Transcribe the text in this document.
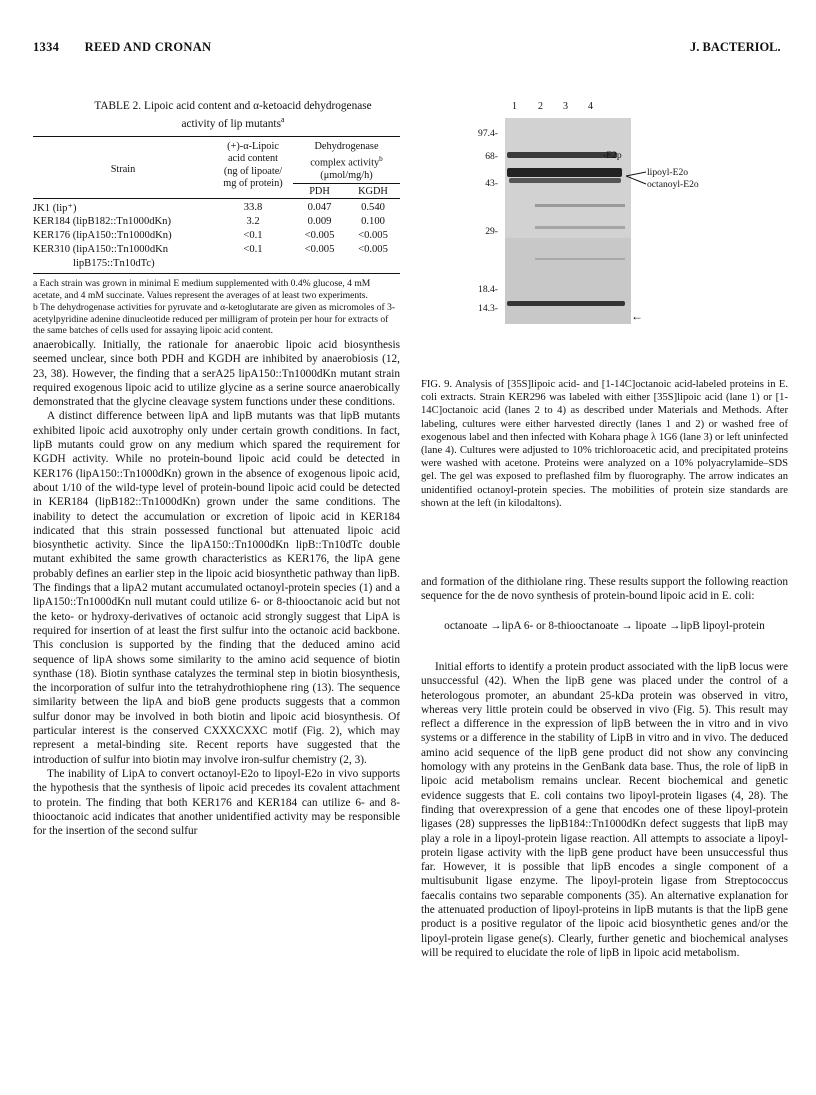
1334 REED AND CRONAN	J. BACTERIOL.
TABLE 2. Lipoic acid content and α-ketoacid dehydrogenase
activity of lip mutants$^a$
Strain
(+)-α-Lipoic
acid content
(ng of lipoate/
mg of protein)
Dehydrogenase
complex activity$^b$
(μmol/mg/h)
PDH	KGDH
JK1 (lip⁺)	33.8	0.047	0.540
KER184 (lipB182::Tn1000dKn)	3.2	0.009	0.100
KER176 (lipA150::Tn1000dKn)	<0.1	<0.005	<0.005
KER310 (lipA150::Tn1000dKn	<0.1	<0.005	<0.005
lipB175::Tn10dTc)
a Each strain was grown in minimal E medium supplemented with 0.4% glucose, 4 mM acetate, and 4 mM succinate. Values represent the averages of at least two experiments.
b The dehydrogenase activities for pyruvate and α-ketoglutarate are given as micromoles of 3-acetylpyridine adenine dinucleotide reduced per milligram of protein per hour for extracts of the same batches of cells used for assaying lipoic acid content.

anaerobically. Initially, the rationale for anaerobic lipoic acid biosynthesis seemed unclear, since both PDH and KGDH are inhibited by anaerobiosis (12, 23, 38). However, the finding that a serA25 lipA150::Tn1000dKn mutant strain required exogenous lipoic acid to utilize glycine as a serine source anaerobically demonstrated that the glycine cleavage system functions under these conditions.

A distinct difference between lipA and lipB mutants was that lipB mutants exhibited lipoic acid auxotrophy only under certain growth conditions. In fact, lipB mutants could grow on any medium which spared the requirement for KGDH activity. While no protein-bound lipoic acid could be detected in KER176 (lipA150::Tn1000dKn) grown in the absence of exogenous lipoic acid, about 1/10 of the wild-type level of protein-bound lipoic acid could be detected in KER184 (lipB182::Tn1000dKn) grown under the same conditions. The inability to detect the accumulation or excretion of lipoic acid in KER184 indicated that this strain possessed functional but attenuated lipoic acid biosynthetic activity. Since the lipA150::Tn1000dKn lipB::Tn10dTc double mutant exhibited the same growth characteristics as KER176, the lipA gene probably defines an earlier step in the lipoic acid biosynthetic pathway than lipB. The findings that a lipA2 mutant accumulated octanoyl-protein species (1) and a lipA150::Tn1000dKn null mutant could utilize 6- or 8-thiooctanoic acid but not the keto- or hydroxy-derivatives of octanoic acid strongly suggest that LipA is required for insertion of at least the first sulfur into the octanoic acid backbone. This conclusion is supported by the finding that the deduced amino acid sequence of lipA shows some similarity to the amino acid sequence of biotin synthase (18). Biotin synthase catalyzes the terminal step in biotin biosynthesis, the incorporation of sulfur into the tetrahydrothiophene ring (13). The sequence similarity between the lipA and bioB gene products suggests that a common sulfur donor may be involved in both biotin and lipoic acid biosynthesis. Of particular interest is the conserved CXXXCXXC motif (Fig. 2), which may represent a metal-binding site. Recent reports have suggested that the introduction of sulfur into biotin may involve iron-sulfur chemistry (2, 3).

The inability of LipA to convert octanoyl-E2o to lipoyl-E2o in vivo supports the hypothesis that the synthesis of lipoic acid precedes its covalent attachment to protein. The finding that both KER176 and KER184 can utilize 6- and 8-thiooctanoic acid indicates that another unidentified activity may be responsible for the insertion of the second sulfur

1 2 3 4
97.4-
68-
43-
29-
18.4-
14.3-
-E2p
lipoyl-E2o
octanoyl-E2o
←
FIG. 9. Analysis of [35S]lipoic acid- and [1-14C]octanoic acid-labeled proteins in E. coli extracts. Strain KER296 was labeled with either [35S]lipoic acid (lane 1) or [1-14C]octanoic acid (lanes 2 to 4) as described under Materials and Methods. After labeling, cultures were either harvested directly (lanes 1 and 2) or washed free of exogenous label and then infected with Kohara phage λ 1G6 (lane 3) or left uninfected (lane 4). Cultures were adjusted to 10% trichloroacetic acid, and precipitated proteins were washed with acetone. Proteins were analyzed on a 10% polyacrylamide–SDS gel. The gel was exposed to preflashed film by fluorography. The arrow indicates an unidentified octanoyl-protein species. The mobilities of protein size standards are shown at the left (in kilodaltons).

and formation of the dithiolane ring. These results support the following reaction sequence for the de novo synthesis of protein-bound lipoic acid in E. coli:

octanoate →lipA 6- or 8-thiooctanoate → lipoate →lipB lipoyl-protein

Initial efforts to identify a protein product associated with the lipB locus were unsuccessful (42). When the lipB gene was placed under the control of a heterologous promoter, an abundant 25-kDa protein was observed in vitro, whereas very little protein could be observed in vivo (Fig. 5). This result may reflect a difference in the expression of lipB between the in vitro and in vivo systems or a difference in the stability of LipB in vitro and in vivo. The deduced amino acid sequence of the lipB gene product did not show any convincing homology with any proteins in the GenBank data base. Thus, the role of lipB in lipoic acid metabolism remains unclear. Recent biochemical and genetic evidence suggests that E. coli contains two lipoyl-protein ligases (4, 28). The finding that overexpression of a gene that encodes one of these lipoyl-protein ligases (28) suppresses the lipB184::Tn1000dKn defect suggests that lipB may play a role in a lipoyl-protein ligase reaction. All attempts to associate a lipoyl-protein ligase activity with the lipB gene product have been unsuccessful thus far. However, it is possible that lipB encodes a single component of a multisubunit ligase enzyme. The lipoyl-protein ligase from Streptococcus faecalis contains two separable components (35). An alternative explanation for the attenuated production of lipoyl-proteins in lipB mutants is that the lipB gene product is a positive regulator of the lipoic acid biosynthetic genes and/or the lipoyl-protein ligase gene(s). Clearly, further genetic and biochemical analyses will be required to elucidate the role of lipB in lipoic acid metabolism.
